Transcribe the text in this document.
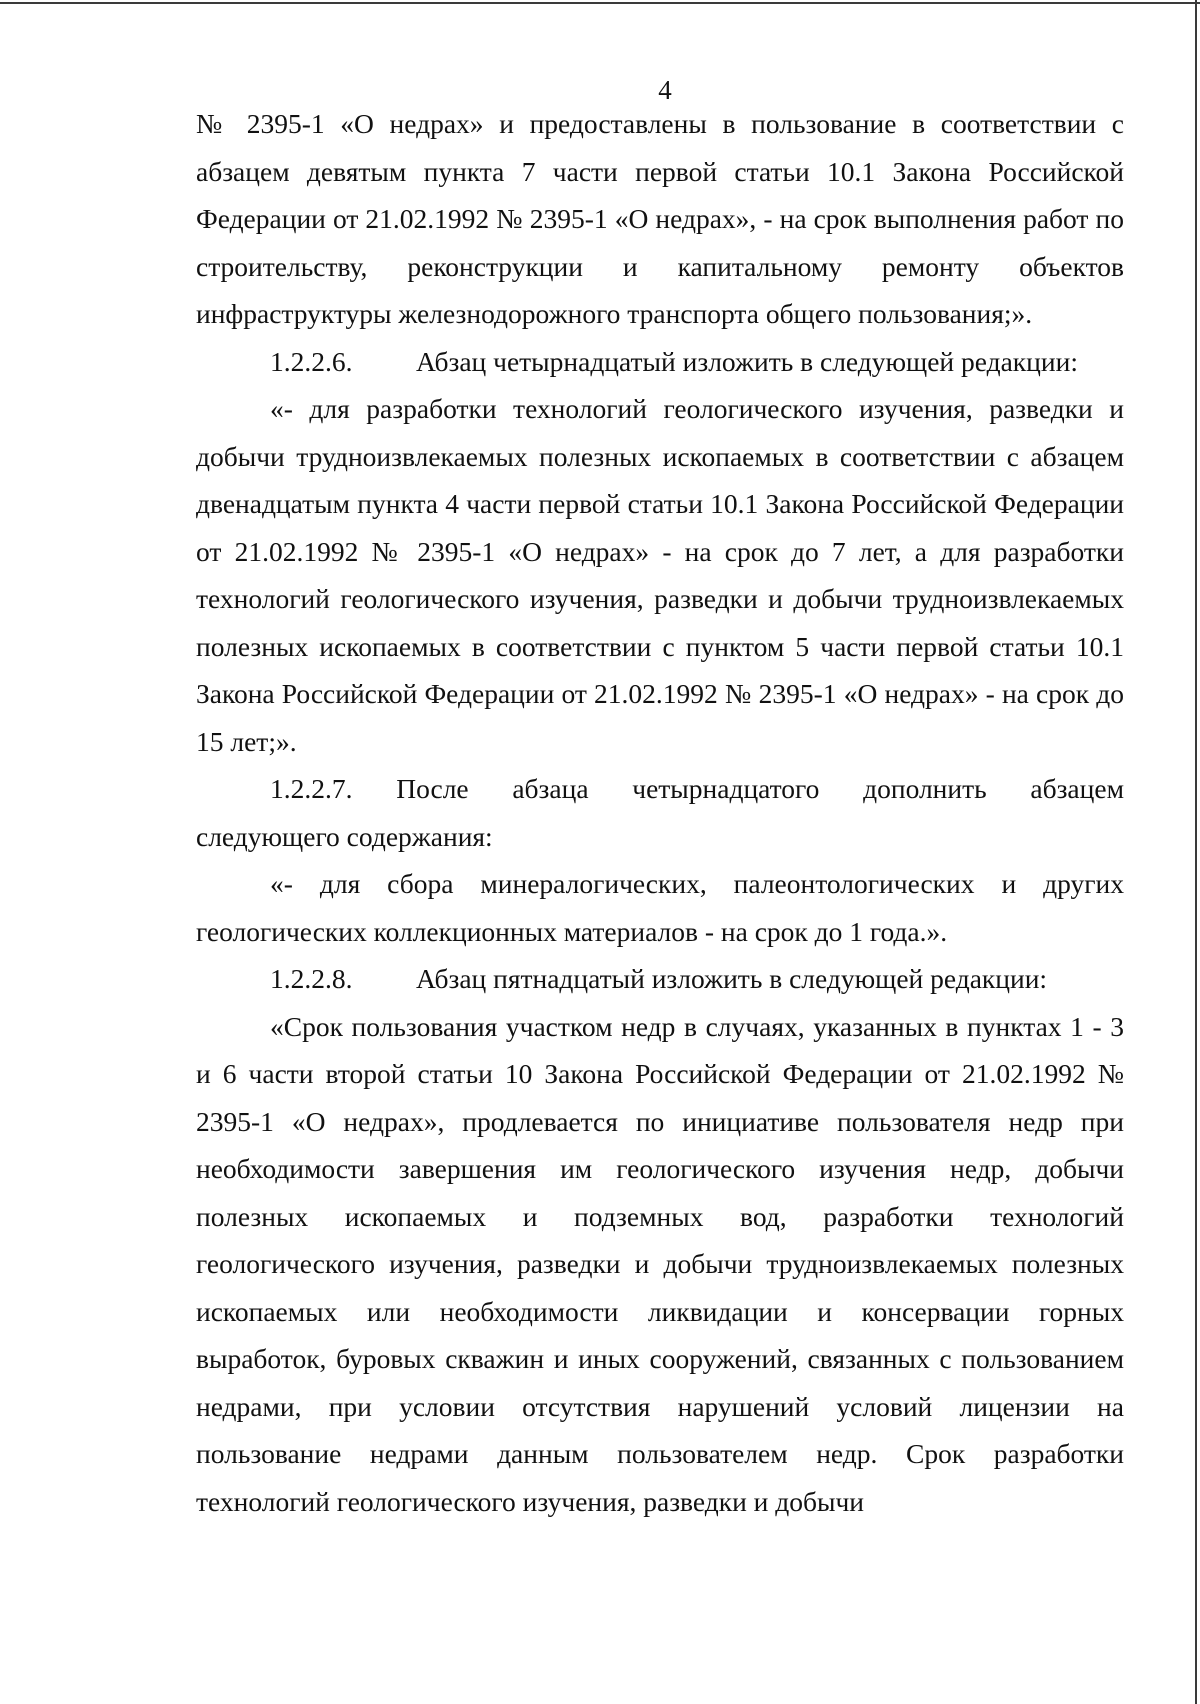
4

№ 2395-1 «О недрах» и предоставлены в пользование в соответствии с абзацем девятым пункта 7 части первой статьи 10.1 Закона Российской Федерации от 21.02.1992 № 2395-1 «О недрах», - на срок выполнения работ по строительству, реконструкции и капитальному ремонту объектов инфраструктуры железнодорожного транспорта общего пользования;».

1.2.2.6.	Абзац четырнадцатый изложить в следующей редакции:

«- для разработки технологий геологического изучения, разведки и добычи трудноизвлекаемых полезных ископаемых в соответствии с абзацем двенадцатым пункта 4 части первой статьи 10.1 Закона Российской Федерации от 21.02.1992 № 2395-1 «О недрах» - на срок до 7 лет, а для разработки технологий геологического изучения, разведки и добычи трудноизвлекаемых полезных ископаемых в соответствии с пунктом 5 части первой статьи 10.1 Закона Российской Федерации от 21.02.1992 № 2395-1 «О недрах» - на срок до 15 лет;».

1.2.2.7. После абзаца четырнадцатого дополнить абзацем

следующего содержания:

«- для сбора минералогических, палеонтологических и других геологических коллекционных материалов - на срок до 1 года.».

1.2.2.8.	Абзац пятнадцатый изложить в следующей редакции:

«Срок пользования участком недр в случаях, указанных в пунктах 1 - 3 и 6 части второй статьи 10 Закона Российской Федерации от 21.02.1992 № 2395-1 «О недрах», продлевается по инициативе пользователя недр при необходимости завершения им геологического изучения недр, добычи полезных ископаемых и подземных вод, разработки технологий геологического изучения, разведки и добычи трудноизвлекаемых полезных ископаемых или необходимости ликвидации и консервации горных выработок, буровых скважин и иных сооружений, связанных с пользованием недрами, при условии отсутствия нарушений условий лицензии на пользование недрами данным пользователем недр. Срок разработки технологий геологического изучения, разведки и добычи
